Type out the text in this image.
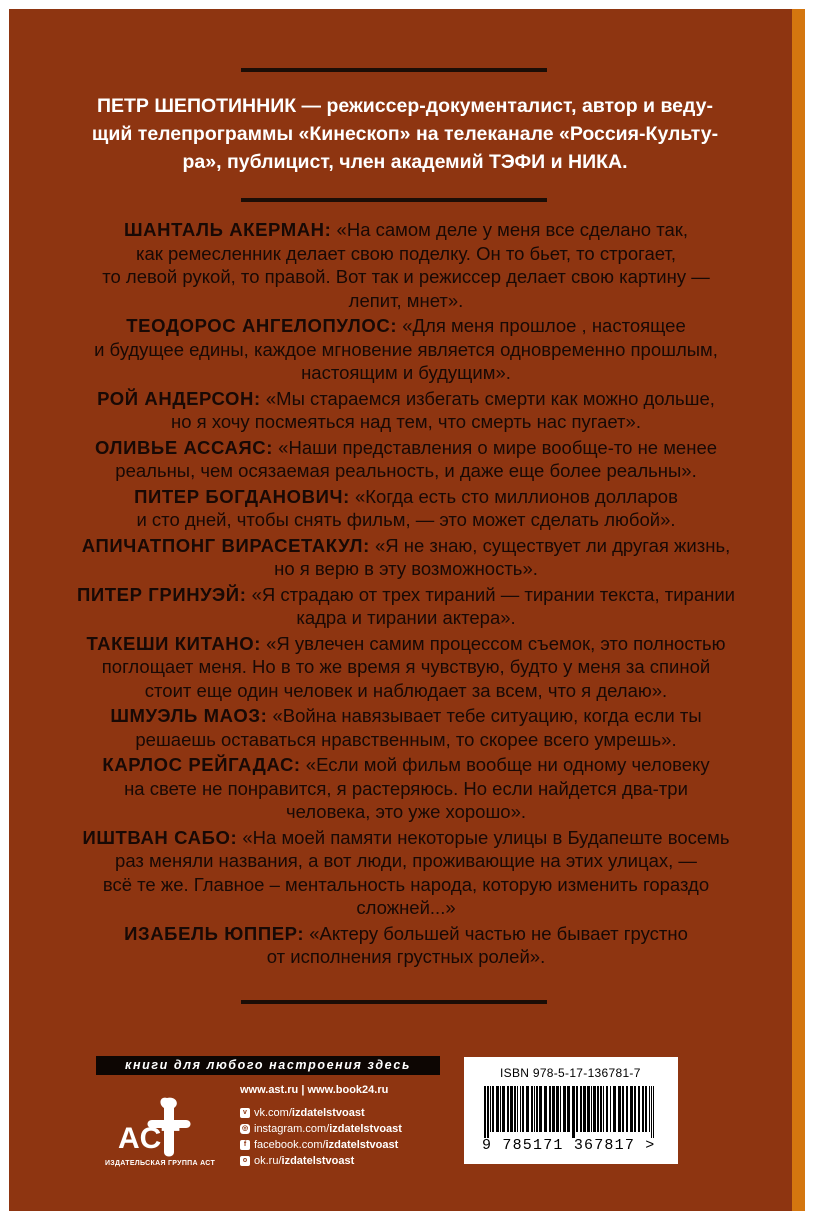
ПЕТР ШЕПОТИННИК — режиссер-документалист, автор и веду-
щий телепрограммы «Кинескоп» на телеканале «Россия-Культу-
ра», публицист, член академий ТЭФИ и НИКА.
ШАНТАЛЬ АКЕРМАН: «На самом деле у меня все сделано так,
как ремесленник делает свою поделку. Он то бьет, то строгает,
то левой рукой, то правой. Вот так и режиссер делает свою картину —
лепит, мнет».
ТЕОДОРОС АНГЕЛОПУЛОС: «Для меня прошлое , настоящее
и будущее едины, каждое мгновение является одновременно прошлым,
настоящим и будущим».
РОЙ АНДЕРСОН: «Мы стараемся избегать смерти как можно дольше,
но я хочу посмеяться над тем, что смерть нас пугает».
ОЛИВЬЕ АССАЯС: «Наши представления о мире вообще-то не менее
реальны, чем осязаемая реальность, и даже еще более реальны».
ПИТЕР БОГДАНОВИЧ: «Когда есть сто миллионов долларов
и сто дней, чтобы снять фильм, — это может сделать любой».
АПИЧАТПОНГ ВИРАСЕТАКУЛ: «Я не знаю, существует ли другая жизнь,
но я верю в эту возможность».
ПИТЕР ГРИНУЭЙ: «Я страдаю от трех тираний — тирании текста, тирании
кадра и тирании актера».
ТАКЕШИ КИТАНО: «Я увлечен самим процессом съемок, это полностью
поглощает меня. Но в то же время я чувствую, будто у меня за спиной
стоит еще один человек и наблюдает за всем, что я делаю».
ШМУЭЛЬ МАОЗ: «Война навязывает тебе ситуацию, когда если ты
решаешь оставаться нравственным, то скорее всего умрешь».
КАРЛОС РЕЙГАДАС: «Если мой фильм вообще ни одному человеку
на свете не понравится, я растеряюсь. Но если найдется два-три
человека, это уже хорошо».
ИШТВАН САБО: «На моей памяти некоторые улицы в Будапеште восемь
раз меняли названия, а вот люди, проживающие на этих улицах, —
всё те же. Главное – ментальность народа, которую изменить гораздо
сложней...»
ИЗАБЕЛЬ ЮППЕР: «Актеру большей частью не бывает грустно
от исполнения грустных ролей».
книги для любого настроения здесь
ACT
ИЗДАТЕЛЬСКАЯ ГРУППА АСТ
www.ast.ru | www.book24.ru
v vk.com/ izdatelstvoast
◎ instagram.com/ izdatelstvoast
f facebook.com/ izdatelstvoast
o ok.ru/ izdatelstvoast
ISBN 978-5-17-136781-7
9 785171 367817 >
